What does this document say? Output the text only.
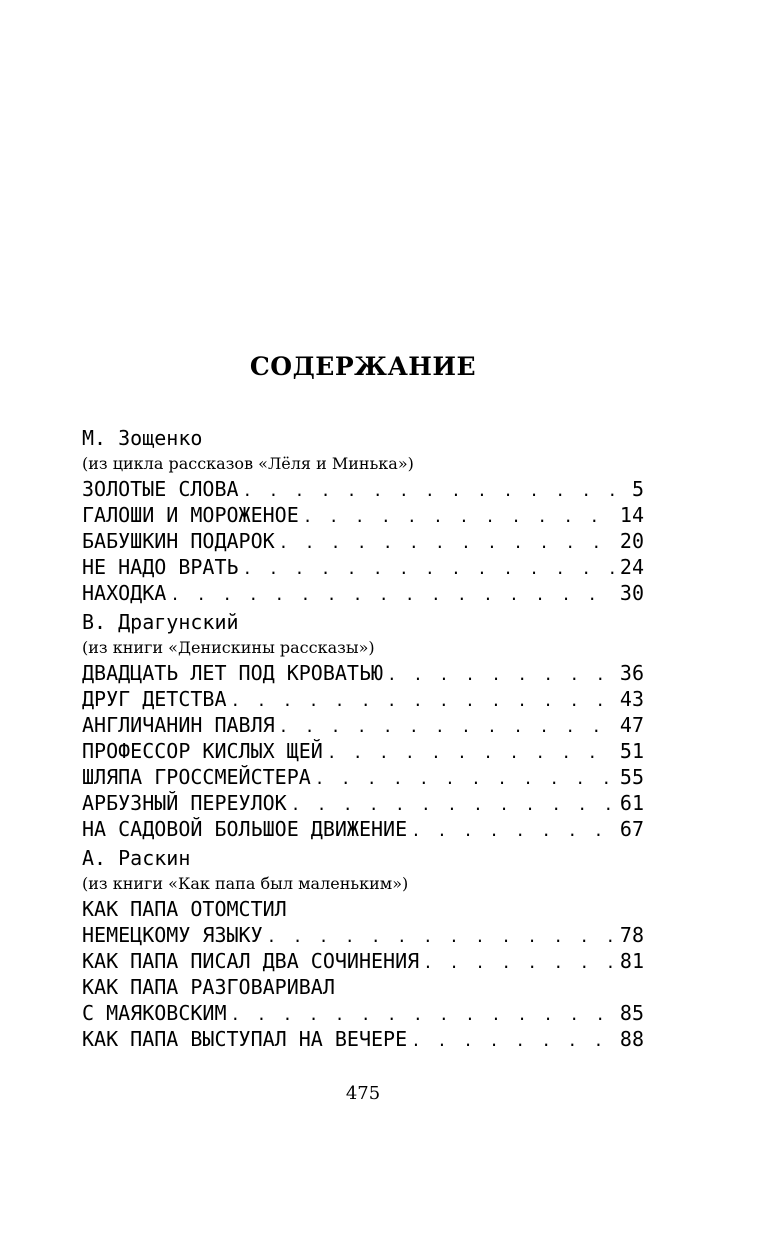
СОДЕРЖАНИЕ
М. Зощенко
(из цикла рассказов «Лёля и Минька»)
ЗОЛОТЫЕ СЛОВА . . .	5
ГАЛОШИ И МОРОЖЕНОЕ . . .	14
БАБУШКИН ПОДАРОК . . .	20
НЕ НАДО ВРАТЬ . . .	24
НАХОДКА . . .	30
В. Драгунский
(из книги «Денискины рассказы»)
ДВАДЦАТЬ ЛЕТ ПОД КРОВАТЬЮ . . .	36
ДРУГ ДЕТСТВА . . .	43
АНГЛИЧАНИН ПАВЛЯ . . .	47
ПРОФЕССОР КИСЛЫХ ЩЕЙ . . .	51
ШЛЯПА ГРОССМЕЙСТЕРА . . .	55
АРБУЗНЫЙ ПЕРЕУЛОК . . .	61
НА САДОВОЙ БОЛЬШОЕ ДВИЖЕНИЕ . . .	67
А. Раскин
(из книги «Как папа был маленьким»)
КАК ПАПА ОТОМСТИЛ
НЕМЕЦКОМУ ЯЗЫКУ . . .	78
КАК ПАПА ПИСАЛ ДВА СОЧИНЕНИЯ . . .	81
КАК ПАПА РАЗГОВАРИВАЛ
С МАЯКОВСКИМ . . .	85
КАК ПАПА ВЫСТУПАЛ НА ВЕЧЕРЕ . . .	88
475
